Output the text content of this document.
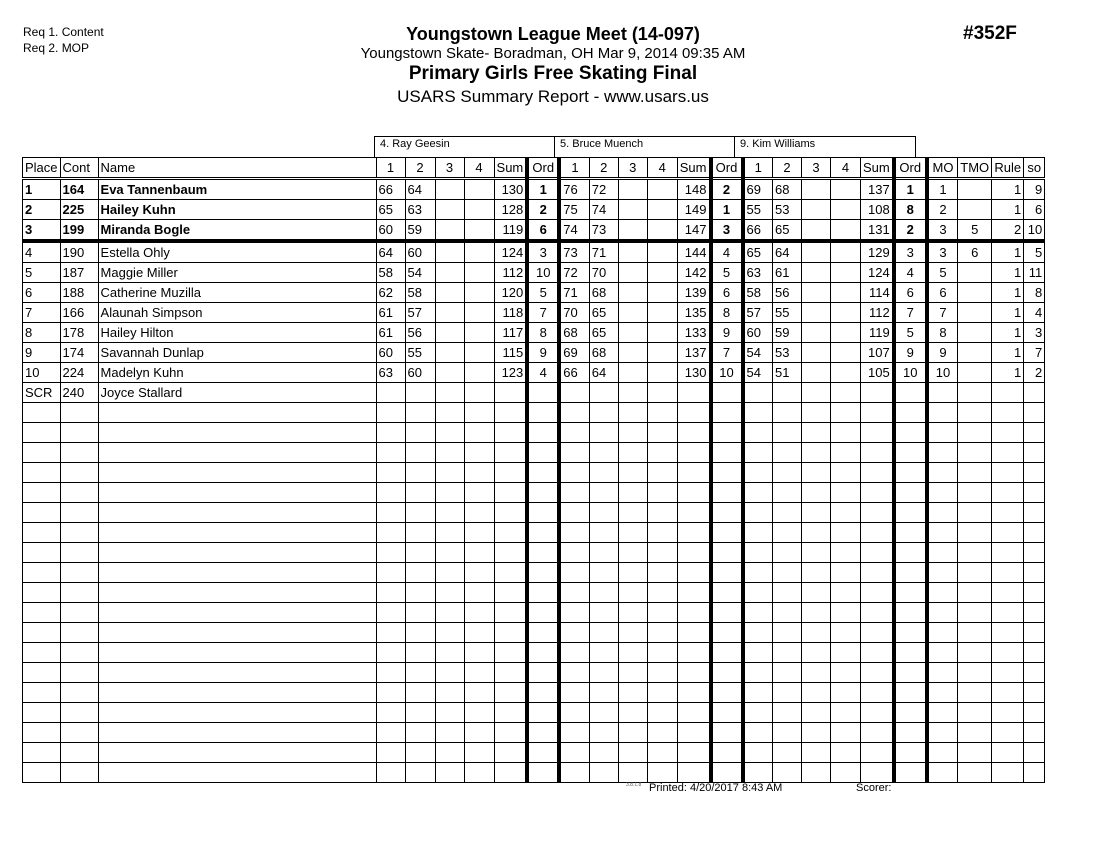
Req 1. Content
Req 2. MOP
Youngstown League Meet (14-097)
Youngstown Skate- Boradman, OH Mar 9, 2014 09:35 AM
Primary Girls Free Skating Final
USARS Summary Report - www.usars.us
#352F
4. Ray Geesin	5. Bruce Muench	9. Kim Williams
Place	Cont	Name	1	2	3	4	Sum	Ord	1	2	3	4	Sum	Ord	1	2	3	4	Sum	Ord	MO	TMO	Rule	so
1	164	Eva Tannenbaum	66	64			130	1	76	72			148	2	69	68			137	1	1		1	9
2	225	Hailey Kuhn	65	63			128	2	75	74			149	1	55	53			108	8	2		1	6
3	199	Miranda Bogle	60	59			119	6	74	73			147	3	66	65			131	2	3	5	2	10
4	190	Estella Ohly	64	60			124	3	73	71			144	4	65	64			129	3	3	6	1	5
5	187	Maggie Miller	58	54			112	10	72	70			142	5	63	61			124	4	5		1	11
6	188	Catherine Muzilla	62	58			120	5	71	68			139	6	58	56			114	6	6		1	8
7	166	Alaunah Simpson	61	57			118	7	70	65			135	8	57	55			112	7	7		1	4
8	178	Hailey Hilton	61	56			117	8	68	65			133	9	60	59			119	5	8		1	3
9	174	Savannah Dunlap	60	55			115	9	69	68			137	7	54	53			107	9	9		1	7
10	224	Madelyn Kuhn	63	60			123	4	66	64			130	10	54	51			105	10	10		1	2
SCR	240	Joyce Stallard																						

3.8.1.8 Printed: 4/20/2017 8:43 AM	Scorer:
